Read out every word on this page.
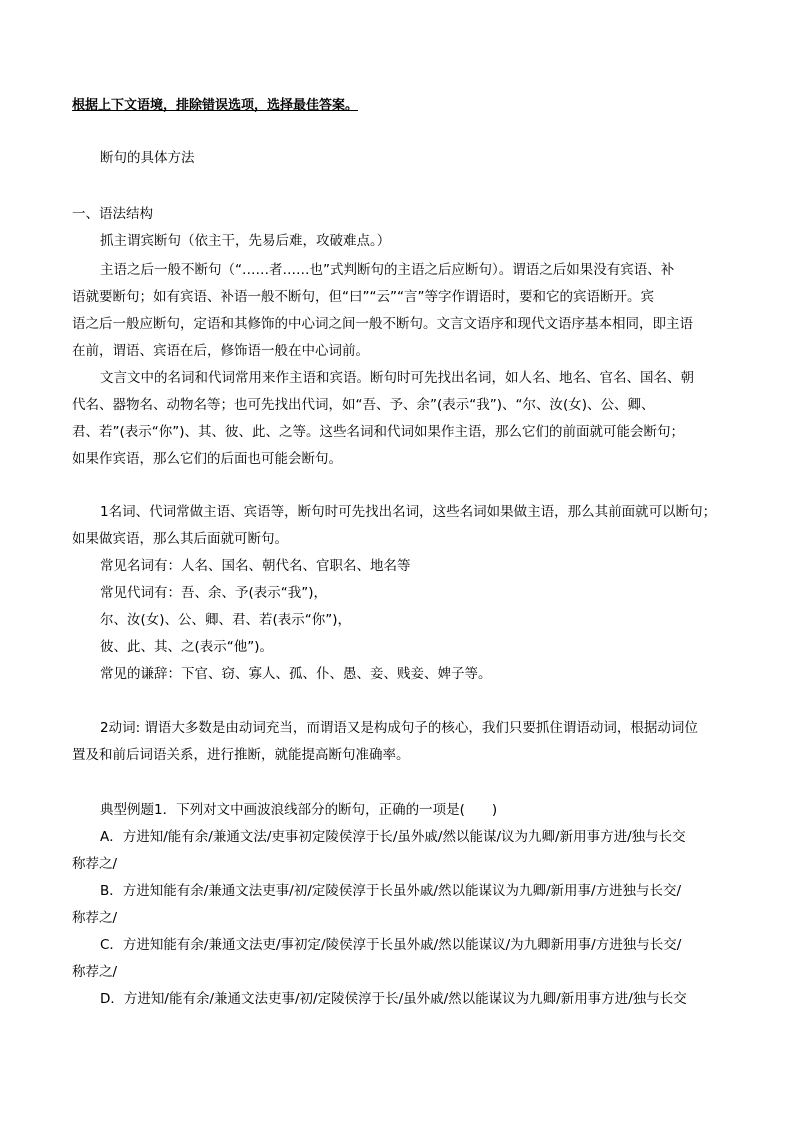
根据上下文语境，排除错误选项，选择最佳答案。
断句的具体方法
一、语法结构
抓主谓宾断句（依主干，先易后难，攻破难点。）
主语之后一般不断句（“……者……也”式判断句的主语之后应断句）。谓语之后如果没有宾语、补
语就要断句；如有宾语、补语一般不断句，但“曰”“云”“言”等字作谓语时，要和它的宾语断开。宾
语之后一般应断句，定语和其修饰的中心词之间一般不断句。文言文语序和现代文语序基本相同，即主语
在前，谓语、宾语在后，修饰语一般在中心词前。
文言文中的名词和代词常用来作主语和宾语。断句时可先找出名词，如人名、地名、官名、国名、朝
代名、器物名、动物名等；也可先找出代词，如“吾、予、余”(表示“我”)、“尔、汝(女)、公、卿、
君、若”(表示“你”)、其、彼、此、之等。这些名词和代词如果作主语，那么它们的前面就可能会断句；
如果作宾语，那么它们的后面也可能会断句。
1名词、代词常做主语、宾语等，断句时可先找出名词，这些名词如果做主语，那么其前面就可以断句；
如果做宾语，那么其后面就可断句。
常见名词有：人名、国名、朝代名、官职名、地名等
常见代词有：吾、余、予(表示“我”)，
尔、汝(女)、公、卿、君、若(表示“你”)，
彼、此、其、之(表示“他”)。
常见的谦辞：下官、窃、寡人、孤、仆、愚、妾、贱妾、婢子等。
2动词: 谓语大多数是由动词充当，而谓语又是构成句子的核心，我们只要抓住谓语动词，根据动词位
置及和前后词语关系，进行推断，就能提高断句准确率。
典型例题1．下列对文中画波浪线部分的断句，正确的一项是(　　)
A．方进知/能有余/兼通文法/吏事初定陵侯淳于长/虽外戚/然以能谋/议为九卿/新用事方进/独与长交
称荐之/
B．方进知能有余/兼通文法吏事/初/定陵侯淳于长虽外戚/然以能谋议为九卿/新用事/方进独与长交/
称荐之/
C．方进知能有余/兼通文法吏/事初定/陵侯淳于长虽外戚/然以能谋议/为九卿新用事/方进独与长交/
称荐之/
D．方进知/能有余/兼通文法吏事/初/定陵侯淳于长/虽外戚/然以能谋议为九卿/新用事方进/独与长交
